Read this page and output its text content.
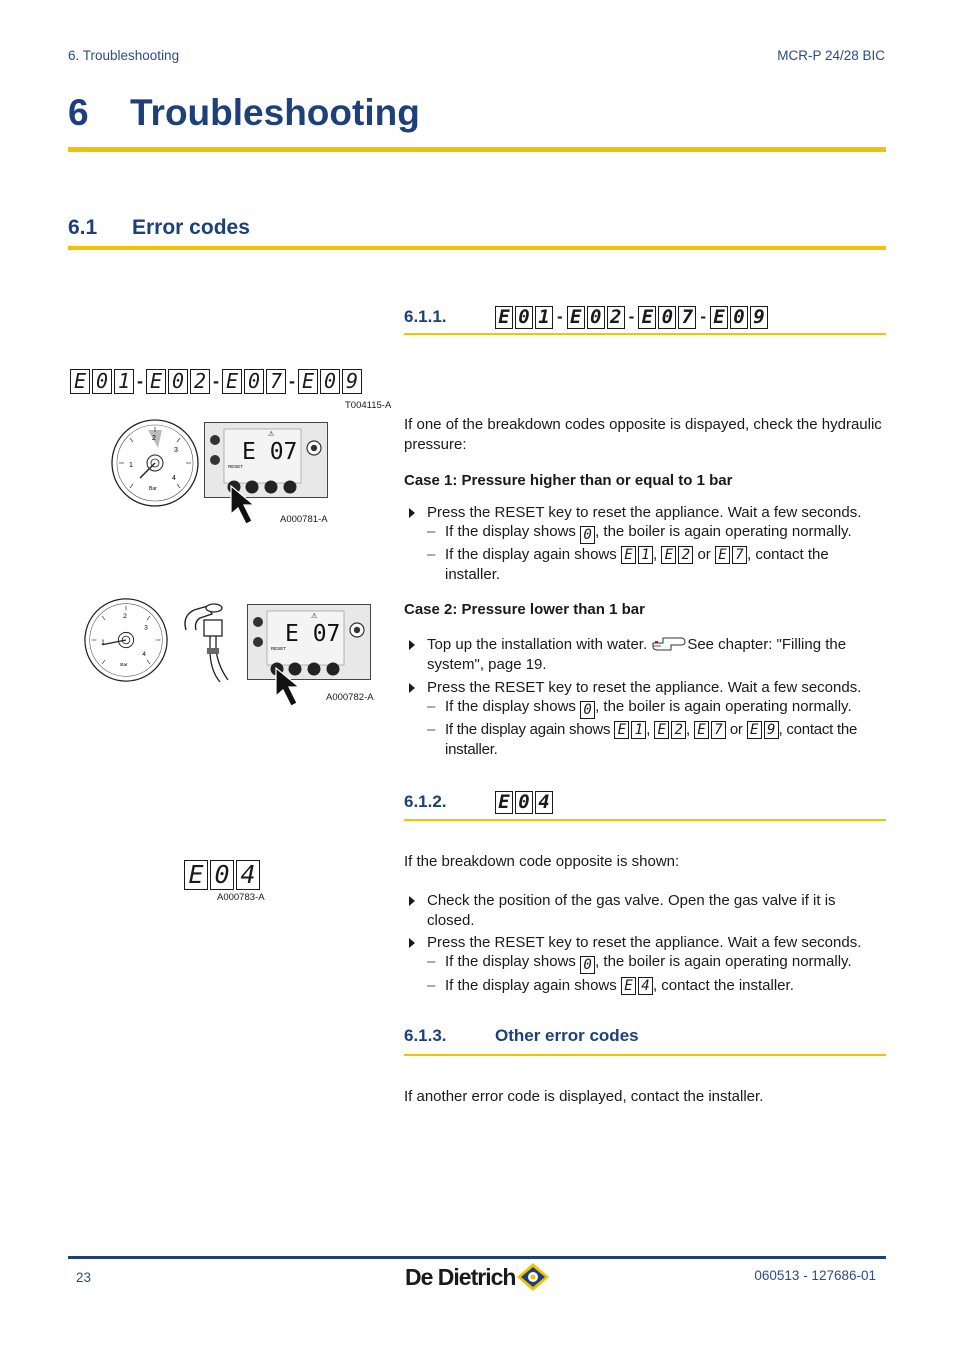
6. Troubleshooting	MCR-P 24/28 BIC
6 Troubleshooting
6.1 Error codes
6.1.1.	E 0 1 - E 0 2 - E 0 7 - E 0 9
E 0 1 - E 0 2 - E 0 7 - E 0 9
T004115-A
1
2
3
4
Bar
E 07
RESET
⚠
A000781-A
If one of the breakdown codes opposite is dispayed, check the hydraulic pressure:
Case 1: Pressure higher than or equal to 1 bar
Press the RESET key to reset the appliance. Wait a few seconds.
– If the display shows 0 , the boiler is again operating normally.
– If the display again shows E 1 , E 2 or E 7 , contact the installer.
Case 2: Pressure lower than 1 bar
Top up the installation with water.	See chapter: "Filling the system", page 19.
Press the RESET key to reset the appliance. Wait a few seconds.
– If the display shows 0 , the boiler is again operating normally.
– If the display again shows E 1 , E 2 , E 7 or E 9 , contact the installer.
1
2
3
4
Bar
E 07
RESET
⚠
A000782-A
6.1.2.	E 0 4
E 0 4
A000783-A
If the breakdown code opposite is shown:
Check the position of the gas valve. Open the gas valve if it is closed.
Press the RESET key to reset the appliance. Wait a few seconds.
– If the display shows 0 , the boiler is again operating normally.
– If the display again shows E 4 , contact the installer.
6.1.3.	Other error codes
If another error code is displayed, contact the installer.
23	De Dietrich	060513 - 127686-01
